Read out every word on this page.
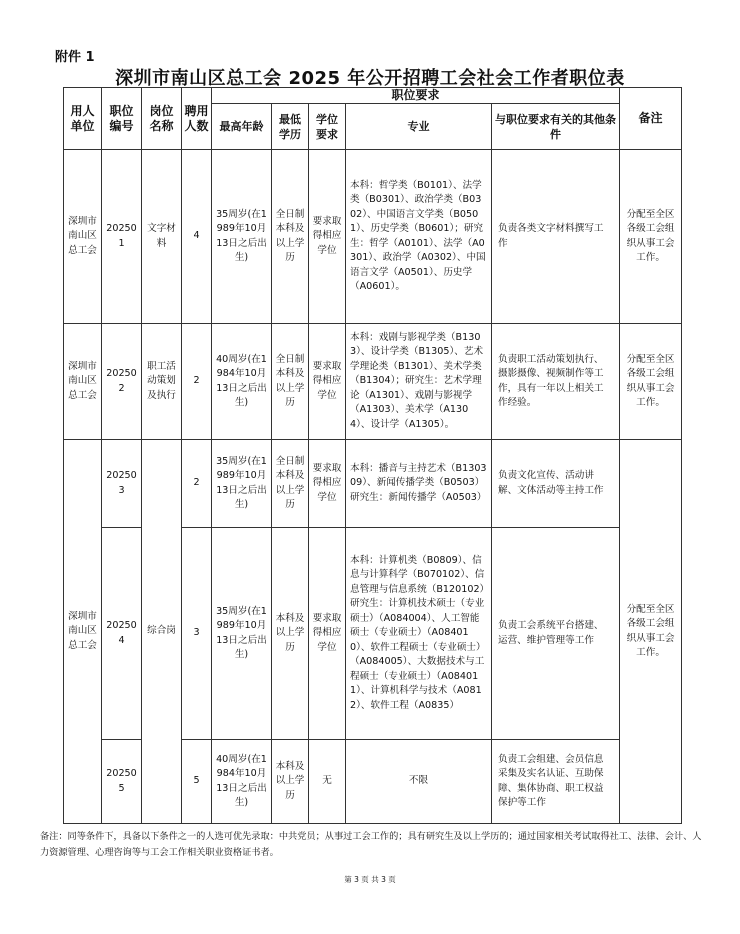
附件 1
深圳市南山区总工会 2025 年公开招聘工会社会工作者职位表
用人单位	职位编号	岗位名称	聘用人数	职位要求					备注
				最高年龄	最低学历	学位要求	专业	与职位要求有关的其他条件	
深圳市南山区总工会	202501	文字材料	4	35周岁(在1989年10月13日之后出生)	全日制本科及以上学历	要求取得相应学位	本科：哲学类（B0101）、法学类（B0301）、政治学类（B0302）、中国语言文学类（B0501）、历史学类（B0601）；研究生：哲学（A0101）、法学（A0301）、政治学（A0302）、中国语言文学（A0501）、历史学（A0601）。	负责各类文字材料撰写工作	分配至全区各级工会组织从事工会工作。
深圳市南山区总工会	202502	职工活动策划及执行	2	40周岁(在1984年10月13日之后出生)	全日制本科及以上学历	要求取得相应学位	本科：戏剧与影视学类（B1303）、设计学类（B1305）、艺术学理论类（B1301）、美术学类（B1304）；研究生：艺术学理论（A1301）、戏剧与影视学（A1303）、美术学（A1304）、设计学（A1305）。	负责职工活动策划执行、摄影摄像、视频制作等工作，具有一年以上相关工作经验。	分配至全区各级工会组织从事工会工作。
深圳市南山区总工会	202503	综合岗	2	35周岁(在1989年10月13日之后出生)	全日制本科及以上学历	要求取得相应学位	本科：播音与主持艺术（B130309）、新闻传播学类（B0503）研究生：新闻传播学（A0503）	负责文化宣传、活动讲解、文体活动等主持工作	分配至全区各级工会组织从事工会工作。
	202504		3	35周岁(在1989年10月13日之后出生)	本科及以上学历	要求取得相应学位	本科：计算机类（B0809）、信息与计算科学（B070102）、信息管理与信息系统（B120102）研究生：计算机技术硕士（专业硕士）（A084004）、人工智能硕士（专业硕士）（A084010）、软件工程硕士（专业硕士）（A084005）、大数据技术与工程硕士（专业硕士）（A084011）、计算机科学与技术（A0812）、软件工程（A0835）	负责工会系统平台搭建、运营、维护管理等工作	
	202505		5	40周岁(在1984年10月13日之后出生)	本科及以上学历	无	不限	负责工会组建、会员信息采集及实名认证、互助保障、集体协商、职工权益保护等工作	
备注：同等条件下，具备以下条件之一的人选可优先录取：中共党员；从事过工会工作的；具有研究生及以上学历的；通过国家相关考试取得社工、法律、会计、人力资源管理、心理咨询等与工会工作相关职业资格证书者。
第 3 页 共 3 页
